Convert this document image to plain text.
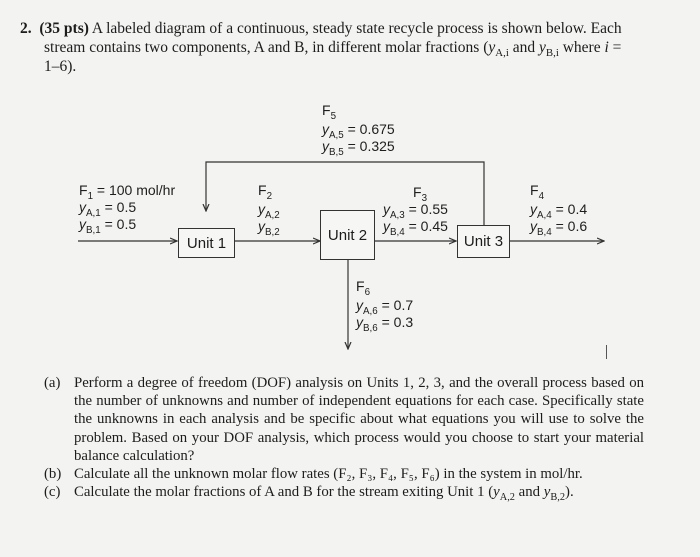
2. (35 pts) A labeled diagram of a continuous, steady state recycle process is shown below. Each
stream contains two components, A and B, in different molar fractions ($y_{A,i}$ and $y_{B,i}$ where i =
1–6).
Unit 1	Unit 2	Unit 3
$F_5$
$y_{A,5} = 0.675$
$y_{B,5} = 0.325$
$F_1 = 100$ mol/hr
$y_{A,1} = 0.5$
$y_{B,1} = 0.5$
$F_2$
$y_{A,2}$
$y_{B,2}$
$F_3$
$y_{A,3} = 0.55$
$y_{B,4} = 0.45$
$F_4$
$y_{A,4} = 0.4$
$y_{B,4} = 0.6$
$F_6$
$y_{A,6} = 0.7$
$y_{B,6} = 0.3$
(a) Perform a degree of freedom (DOF) analysis on Units 1, 2, 3, and the overall process based on the number of unknowns and number of independent equations for each case. Specifically state the unknowns in each analysis and be specific about what equations you will use to solve the problem. Based on your DOF analysis, which process would you choose to start your material balance calculation?
(b) Calculate all the unknown molar flow rates (F₂, F₃, F₄, F₅, F₆) in the system in mol/hr.
(c) Calculate the molar fractions of A and B for the stream exiting Unit 1 ($y_{A,2}$ and $y_{B,2}$).
